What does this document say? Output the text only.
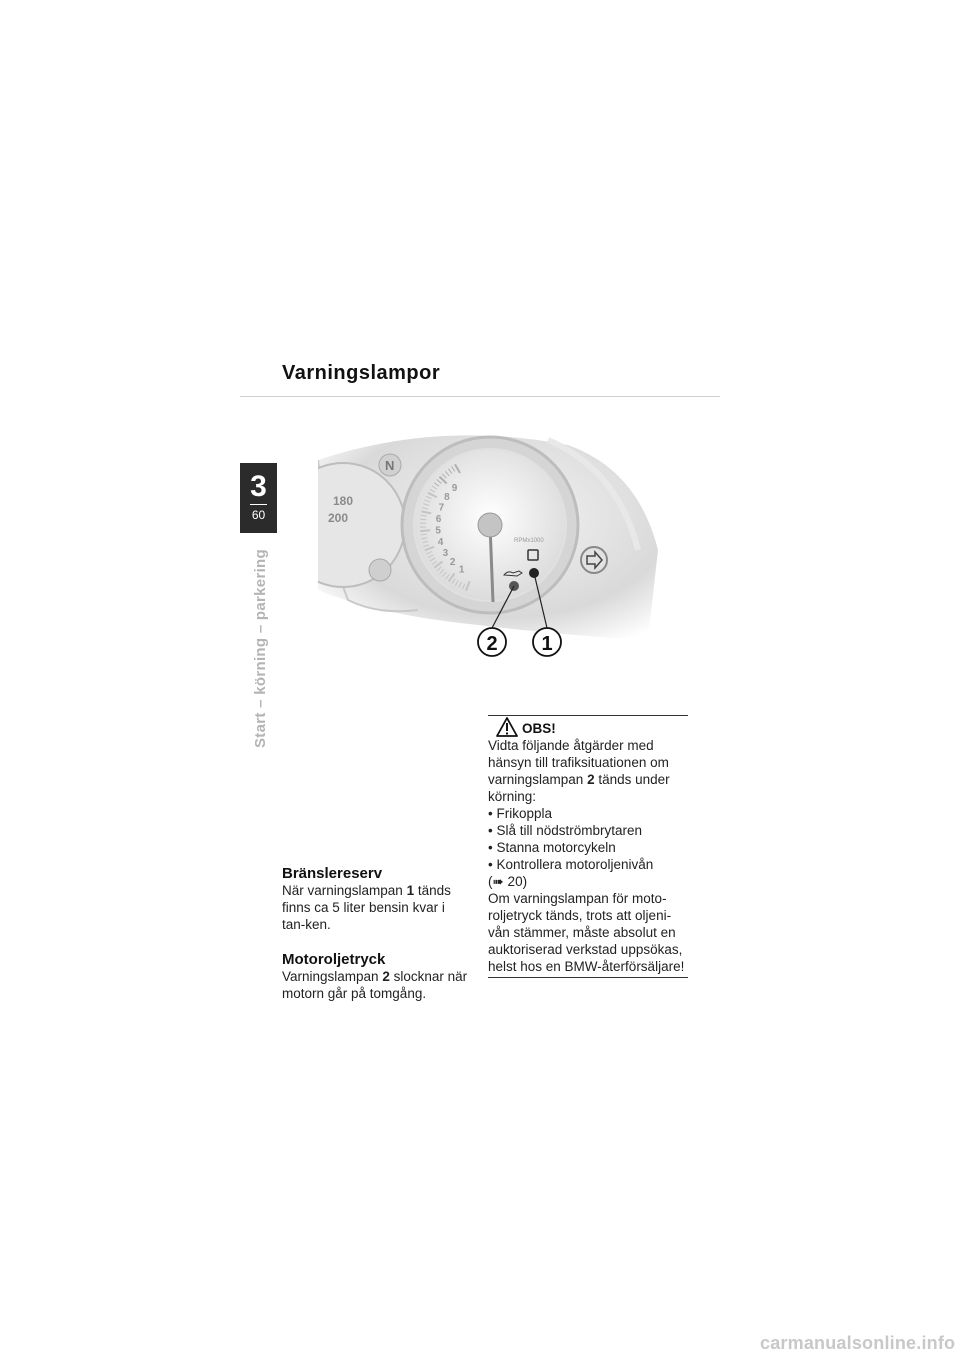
Varningslampor
3
60
Start – körning – parkering
180
200
N
1
2
3
4
5
6
7
8
9
RPMx1000
1
2
Bränslereserv

När varningslampan 1 tänds finns ca 5 liter bensin kvar i tan-ken.

Motoroljetryck

Varningslampan 2 slocknar när motorn går på tomgång.

OBS!

Vidta följande åtgärder med hänsyn till trafiksituationen om varningslampan 2 tänds under körning:

• Frikoppla
• Slå till nödströmbrytaren
• Stanna motorcykeln
• Kontrollera motoroljenivån
(➠ 20)

Om varningslampan för moto-roljetryck tänds, trots att oljeni-vån stämmer, måste absolut en auktoriserad verkstad uppsökas, helst hos en BMW-återförsäljare!

carmanualsonline.info
